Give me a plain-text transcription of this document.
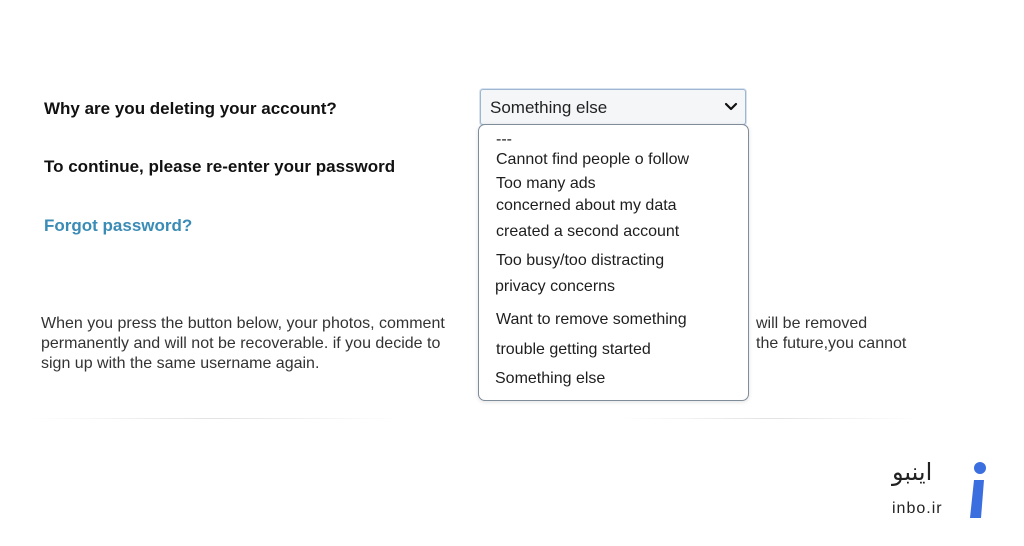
Why are you deleting your account?
To continue, please re-enter your password
Forgot password?
Something else
When you press the button below, your photos, comment	will be removed
permanently and will not be recoverable. if you decide to	the future,you cannot
sign up with the same username again.
---
Cannot find people o follow
Too many ads
concerned about my data
created a second account
Too busy/too distracting
privacy concerns
Want to remove something
trouble getting started
Something else
اینبو
inbo.ir
